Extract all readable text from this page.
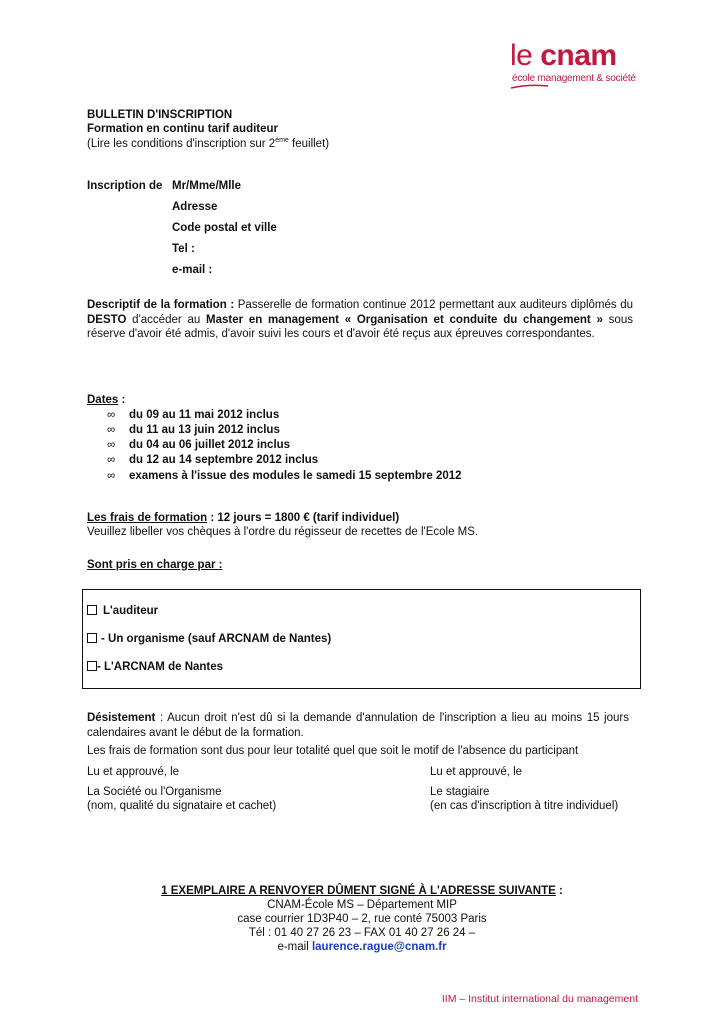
le cnam
école management & société
BULLETIN D'INSCRIPTION
Formation en continu tarif auditeur
(Lire les conditions d'inscription sur 2ème feuillet)
Inscription de Mr/Mme/Mlle
Adresse
Code postal et ville
Tel :
e-mail :
Descriptif de la formation : Passerelle de formation continue 2012 permettant aux auditeurs diplômés du DESTO d'accéder au Master en management « Organisation et conduite du changement » sous réserve d'avoir été admis, d'avoir suivi les cours et d'avoir été reçus aux épreuves correspondantes.
Dates :
∞ du 09 au 11 mai 2012 inclus
∞ du 11 au 13 juin 2012 inclus
∞ du 04 au 06 juillet 2012 inclus
∞ du 12 au 14 septembre 2012 inclus
∞ examens à l'issue des modules le samedi 15 septembre 2012
Les frais de formation : 12 jours = 1800 € (tarif individuel)
Veuillez libeller vos chèques à l'ordre du régisseur de recettes de l'Ecole MS.
Sont pris en charge par :
L'auditeur
- Un organisme (sauf ARCNAM de Nantes)
- L'ARCNAM de Nantes
Désistement : Aucun droit n'est dû si la demande d'annulation de l'inscription a lieu au moins 15 jours calendaires avant le début de la formation.
Les frais de formation sont dus pour leur totalité quel que soit le motif de l'absence du participant
Lu et approuvé, le	Lu et approuvé, le
La Société ou l'Organisme
(nom, qualité du signataire et cachet)
Le stagiaire
(en cas d'inscription à titre individuel)
1 EXEMPLAIRE A RENVOYER DÛMENT SIGNÉ À L'ADRESSE SUIVANTE :
CNAM-École MS – Département MIP
case courrier 1D3P40 – 2, rue conté 75003 Paris
Tél : 01 40 27 26 23 – FAX 01 40 27 26 24 –
e-mail laurence.rague@cnam.fr
IIM – Institut international du management
